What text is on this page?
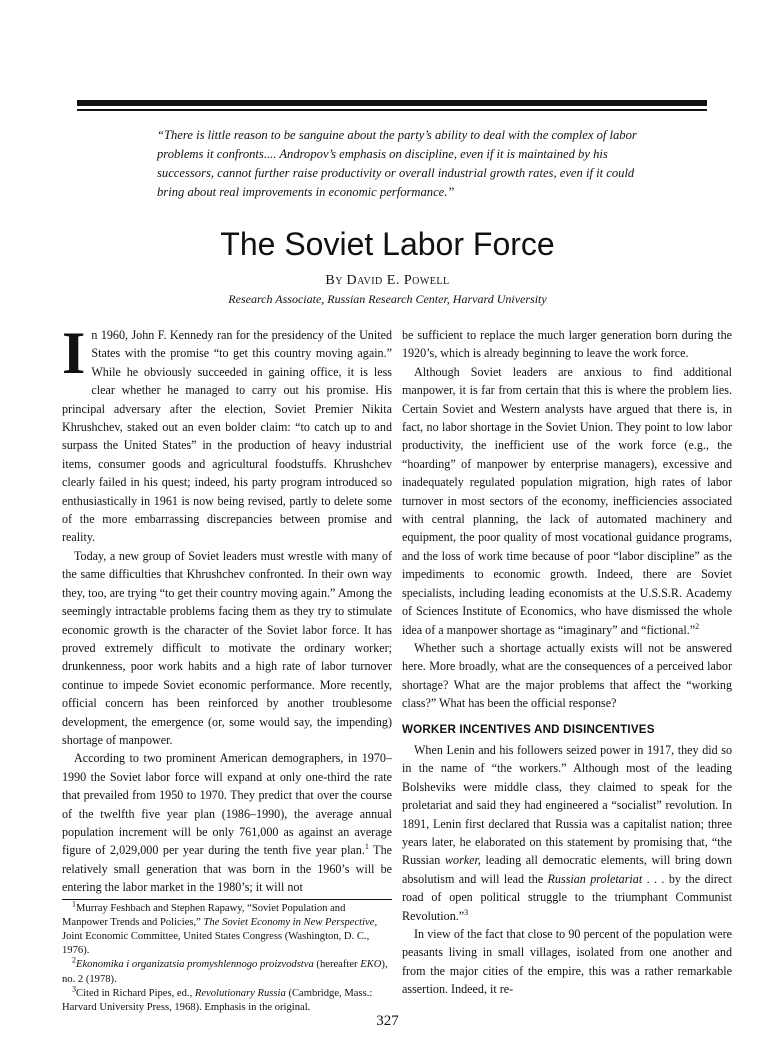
“There is little reason to be sanguine about the party’s ability to deal with the complex of labor problems it confronts.... Andropov’s emphasis on discipline, even if it is maintained by his successors, cannot further raise productivity or overall industrial growth rates, even if it could bring about real improvements in economic performance.”

The Soviet Labor Force
By David E. Powell
Research Associate, Russian Research Center, Harvard University

In 1960, John F. Kennedy ran for the presidency of the United States with the promise “to get this country moving again.” While he obviously succeeded in gaining office, it is less clear whether he managed to carry out his promise. His principal adversary after the election, Soviet Premier Nikita Khrushchev, staked out an even bolder claim: “to catch up to and surpass the United States” in the production of heavy industrial items, consumer goods and agricultural foodstuffs. Khrushchev clearly failed in his quest; indeed, his party program introduced so enthusiastically in 1961 is now being revised, partly to delete some of the more embarrassing discrepancies between promise and reality.

Today, a new group of Soviet leaders must wrestle with many of the same difficulties that Khrushchev confronted. In their own way they, too, are trying “to get their country moving again.” Among the seemingly intractable problems facing them as they try to stimulate economic growth is the character of the Soviet labor force. It has proved extremely difficult to motivate the ordinary worker; drunkenness, poor work habits and a high rate of labor turnover continue to impede Soviet economic performance. More recently, official concern has been reinforced by another troublesome development, the emergence (or, some would say, the impending) shortage of manpower.

According to two prominent American demographers, in 1970–1990 the Soviet labor force will expand at only one-third the rate that prevailed from 1950 to 1970. They predict that over the course of the twelfth five year plan (1986–1990), the average annual population increment will be only 761,000 as against an average figure of 2,029,000 per year during the tenth five year plan.$^1$ The relatively small generation that was born in the 1960’s will be entering the labor market in the 1980’s; it will not

$^1$Murray Feshbach and Stephen Rapawy, “Soviet Population and Manpower Trends and Policies,” The Soviet Economy in New Perspective, Joint Economic Committee, United States Congress (Washington, D. C., 1976).

$^2$Ekonomika i organizatsia promyshlennogo proizvodstva (hereafter EKO), no. 2 (1978).

$^3$Cited in Richard Pipes, ed., Revolutionary Russia (Cambridge, Mass.: Harvard University Press, 1968). Emphasis in the original.

be sufficient to replace the much larger generation born during the 1920’s, which is already beginning to leave the work force.

Although Soviet leaders are anxious to find additional manpower, it is far from certain that this is where the problem lies. Certain Soviet and Western analysts have argued that there is, in fact, no labor shortage in the Soviet Union. They point to low labor productivity, the inefficient use of the work force (e.g., the “hoarding” of manpower by enterprise managers), excessive and inadequately regulated population migration, high rates of labor turnover in most sectors of the economy, inefficiencies associated with central planning, the lack of automated machinery and equipment, the poor quality of most vocational guidance programs, and the loss of work time because of poor “labor discipline” as the impediments to economic growth. Indeed, there are Soviet specialists, including leading economists at the U.S.S.R. Academy of Sciences Institute of Economics, who have dismissed the whole idea of a manpower shortage as “imaginary” and “fictional.”$^2$

Whether such a shortage actually exists will not be answered here. More broadly, what are the consequences of a perceived labor shortage? What are the major problems that affect the “working class?” What has been the official response?

WORKER INCENTIVES AND DISINCENTIVES

When Lenin and his followers seized power in 1917, they did so in the name of “the workers.” Although most of the leading Bolsheviks were middle class, they claimed to speak for the proletariat and said they had engineered a “socialist” revolution. In 1891, Lenin first declared that Russia was a capitalist nation; three years later, he elaborated on this statement by promising that, “the Russian worker, leading all democratic elements, will bring down absolutism and will lead the Russian proletariat . . . by the direct road of open political struggle to the triumphant Communist Revolution.”$^3$

In view of the fact that close to 90 percent of the population were peasants living in small villages, isolated from one another and from the major cities of the empire, this was a rather remarkable assertion. Indeed, it re-

327
